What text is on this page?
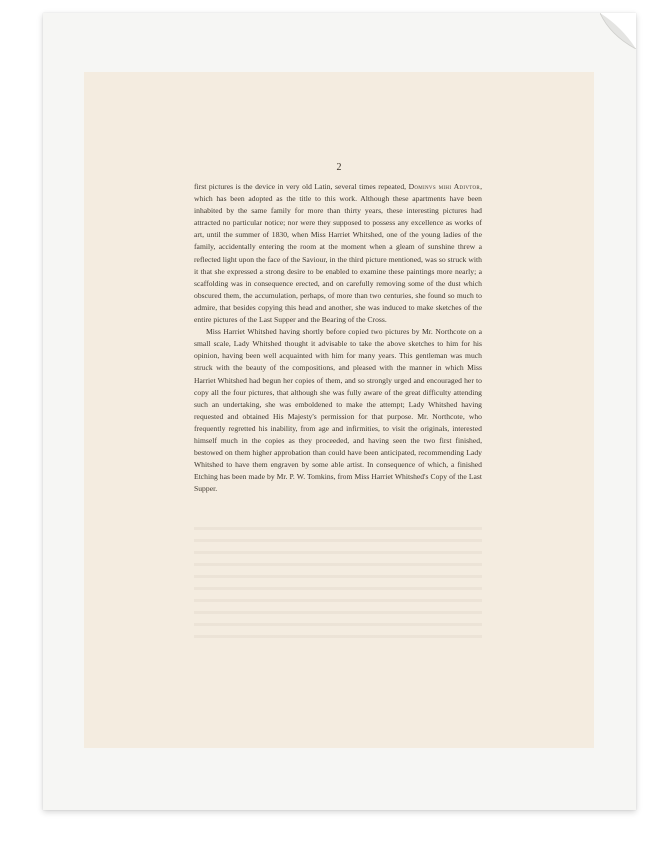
2

first pictures is the device in very old Latin, several times repeated, Dominvs mihi Adivtor, which has been adopted as the title to this work. Although these apartments have been inhabited by the same family for more than thirty years, these interesting pictures had attracted no particular notice; nor were they supposed to possess any excellence as works of art, until the summer of 1830, when Miss Harriet Whitshed, one of the young ladies of the family, accidentally entering the room at the moment when a gleam of sunshine threw a reflected light upon the face of the Saviour, in the third picture mentioned, was so struck with it that she expressed a strong desire to be enabled to examine these paintings more nearly; a scaffolding was in consequence erected, and on carefully removing some of the dust which obscured them, the accumulation, perhaps, of more than two centuries, she found so much to admire, that besides copying this head and another, she was induced to make sketches of the entire pictures of the Last Supper and the Bearing of the Cross.

Miss Harriet Whitshed having shortly before copied two pictures by Mr. Northcote on a small scale, Lady Whitshed thought it advisable to take the above sketches to him for his opinion, having been well acquainted with him for many years. This gentleman was much struck with the beauty of the compositions, and pleased with the manner in which Miss Harriet Whitshed had begun her copies of them, and so strongly urged and encouraged her to copy all the four pictures, that although she was fully aware of the great difficulty attending such an undertaking, she was emboldened to make the attempt; Lady Whitshed having requested and obtained His Majesty's permission for that purpose. Mr. Northcote, who frequently regretted his inability, from age and infirmities, to visit the originals, interested himself much in the copies as they proceeded, and having seen the two first finished, bestowed on them higher approbation than could have been anticipated, recommending Lady Whitshed to have them engraven by some able artist. In consequence of which, a finished Etching has been made by Mr. P. W. Tomkins, from Miss Harriet Whitshed's Copy of the Last Supper.
